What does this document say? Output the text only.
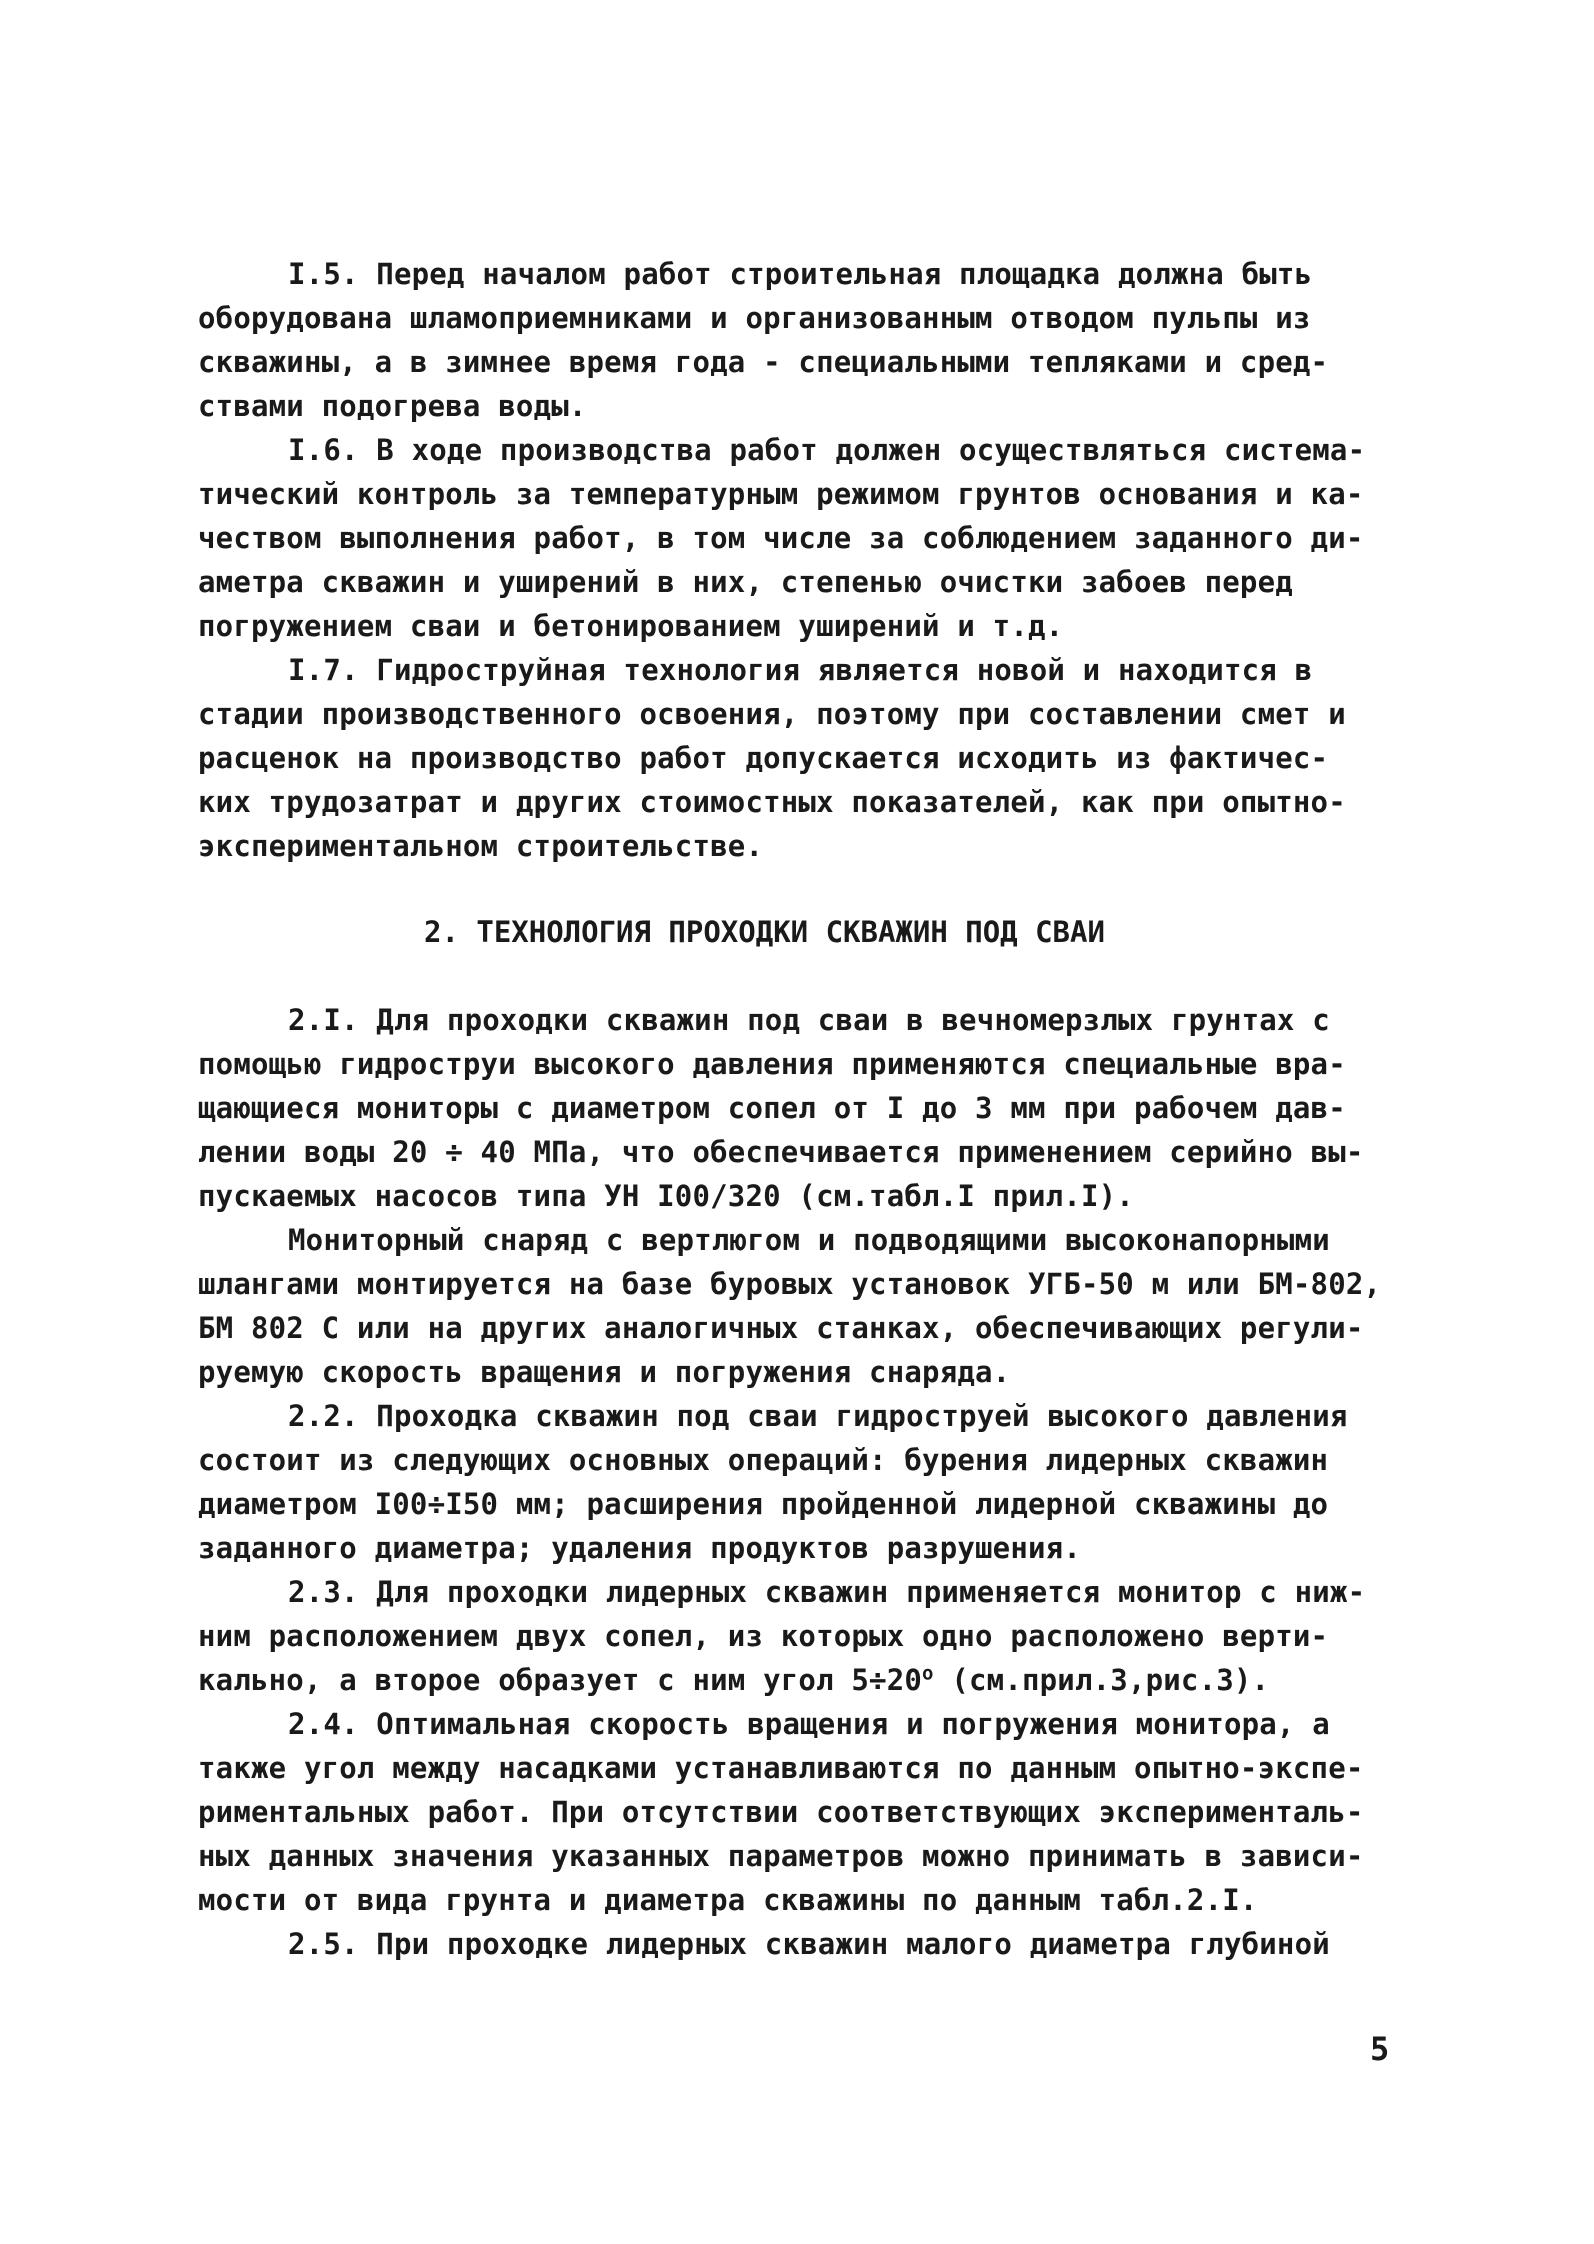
I.5. Перед началом работ строительная площадка должна быть
оборудована шламоприемниками и организованным отводом пульпы из
скважины, а в зимнее время года - специальными тепляками и сред-
ствами подогрева воды.
I.6. В ходе производства работ должен осуществляться система-
тический контроль за температурным режимом грунтов основания и ка-
чеством выполнения работ, в том числе за соблюдением заданного ди-
аметра скважин и уширений в них, степенью очистки забоев перед
погружением сваи и бетонированием уширений и т.д.
I.7. Гидроструйная технология является новой и находится в
стадии производственного освоения, поэтому при составлении смет и
расценок на производство работ допускается исходить из фактичес-
ких трудозатрат и других стоимостных показателей, как при опытно-
экспериментальном строительстве.
2. ТЕХНОЛОГИЯ ПРОХОДКИ СКВАЖИН ПОД СВАИ
2.I. Для проходки скважин под сваи в вечномерзлых грунтах с
помощью гидроструи высокого давления применяются специальные вра-
щающиеся мониторы с диаметром сопел от I до 3 мм при рабочем дав-
лении воды 20 ÷ 40 МПа, что обеспечивается применением серийно вы-
пускаемых насосов типа УН I00/320 (см.табл.I прил.I).
Мониторный снаряд с вертлюгом и подводящими высоконапорными
шлангами монтируется на базе буровых установок УГБ-50 м или БМ-802,
БМ 802 С или на других аналогичных станках, обеспечивающих регули-
руемую скорость вращения и погружения снаряда.
2.2. Проходка скважин под сваи гидроструей высокого давления
состоит из следующих основных операций: бурения лидерных скважин
диаметром I00÷I50 мм; расширения пройденной лидерной скважины до
заданного диаметра; удаления продуктов разрушения.
2.3. Для проходки лидерных скважин применяется монитор с ниж-
ним расположением двух сопел, из которых одно расположено верти-
кально, а второе образует с ним угол $5\div 20^о$ (см.прил.3,рис.3).
2.4. Оптимальная скорость вращения и погружения монитора, а
также угол между насадками устанавливаются по данным опытно-экспе-
риментальных работ. При отсутствии соответствующих эксперименталь-
ных данных значения указанных параметров можно принимать в зависи-
мости от вида грунта и диаметра скважины по данным табл.2.I.
2.5. При проходке лидерных скважин малого диаметра глубиной
5
